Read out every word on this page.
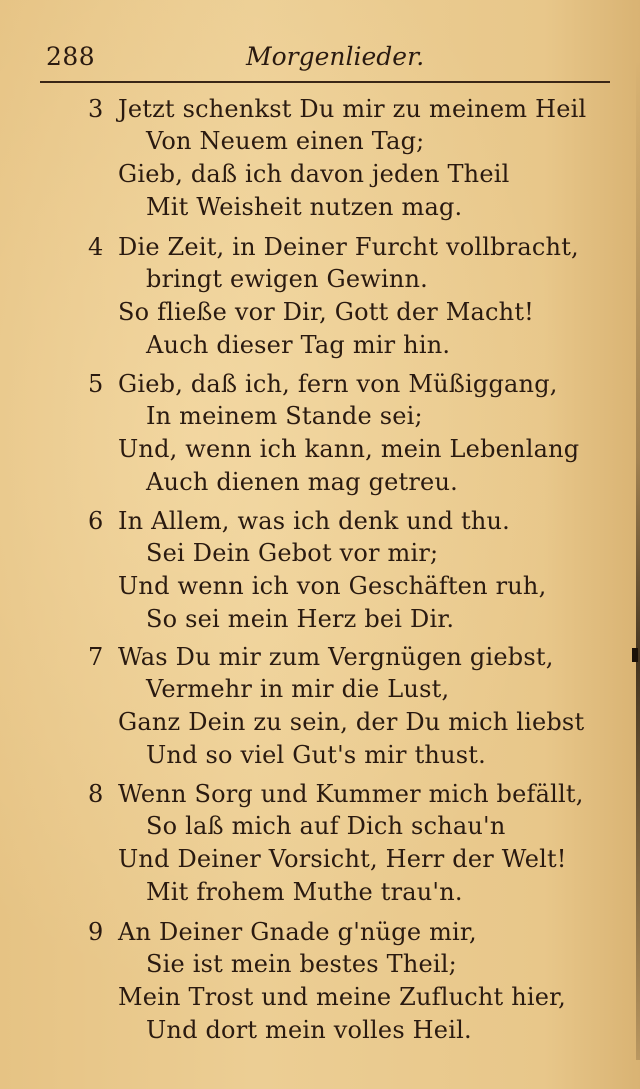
288	Morgenlieder.
3 Jetzt schenkst Du mir zu meinem Heil
Von Neuem einen Tag;
Gieb, daß ich davon jeden Theil
Mit Weisheit nutzen mag.
4 Die Zeit, in Deiner Furcht vollbracht,
bringt ewigen Gewinn.
So fließe vor Dir, Gott der Macht!
Auch dieser Tag mir hin.
5 Gieb, daß ich, fern von Müßiggang,
In meinem Stande sei;
Und, wenn ich kann, mein Lebenlang
Auch dienen mag getreu.
6 In Allem, was ich denk und thu.
Sei Dein Gebot vor mir;
Und wenn ich von Geschäften ruh,
So sei mein Herz bei Dir.
7 Was Du mir zum Vergnügen giebst,
Vermehr in mir die Lust,
Ganz Dein zu sein, der Du mich liebst
Und so viel Gut's mir thust.
8 Wenn Sorg und Kummer mich befällt,
So laß mich auf Dich schau'n
Und Deiner Vorsicht, Herr der Welt!
Mit frohem Muthe trau'n.
9 An Deiner Gnade g'nüge mir,
Sie ist mein bestes Theil;
Mein Trost und meine Zuflucht hier,
Und dort mein volles Heil.
